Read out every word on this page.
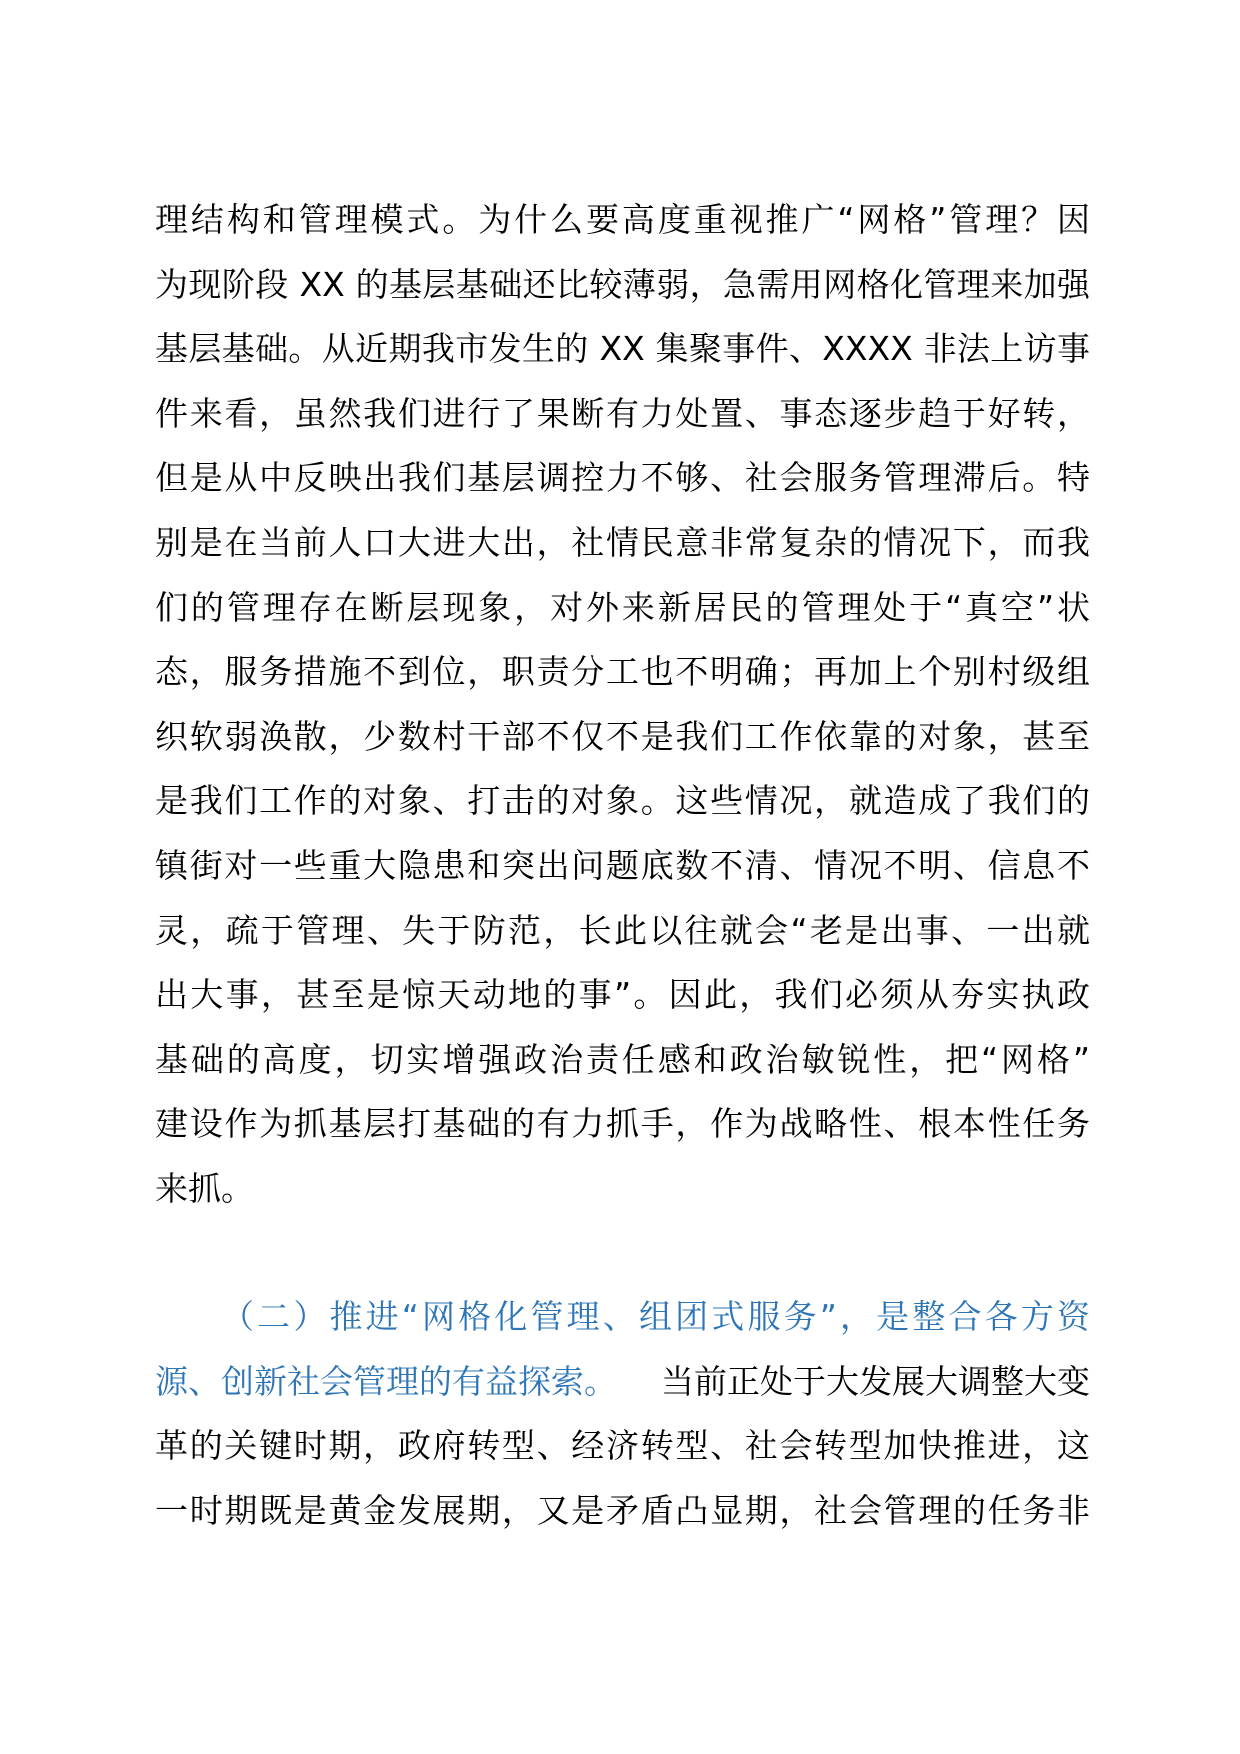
理结构和管理模式。为什么要高度重视推广“网格”管理？因
为现阶段 XX 的基层基础还比较薄弱，急需用网格化管理来加强
基层基础。从近期我市发生的 XX 集聚事件、XXXX 非法上访事
件来看，虽然我们进行了果断有力处置、事态逐步趋于好转，
但是从中反映出我们基层调控力不够、社会服务管理滞后。特
别是在当前人口大进大出，社情民意非常复杂的情况下，而我
们的管理存在断层现象，对外来新居民的管理处于“真空”状
态，服务措施不到位，职责分工也不明确；再加上个别村级组
织软弱涣散，少数村干部不仅不是我们工作依靠的对象，甚至
是我们工作的对象、打击的对象。这些情况，就造成了我们的
镇街对一些重大隐患和突出问题底数不清、情况不明、信息不
灵，疏于管理、失于防范，长此以往就会“老是出事、一出就
出大事，甚至是惊天动地的事”。因此，我们必须从夯实执政
基础的高度，切实增强政治责任感和政治敏锐性，把“网格”
建设作为抓基层打基础的有力抓手，作为战略性、根本性任务
来抓。
（二）推进“网格化管理、组团式服务”，是整合各方资
源、创新社会管理的有益探索。 当前正处于大发展大调整大变
革的关键时期，政府转型、经济转型、社会转型加快推进，这
一时期既是黄金发展期，又是矛盾凸显期，社会管理的任务非
